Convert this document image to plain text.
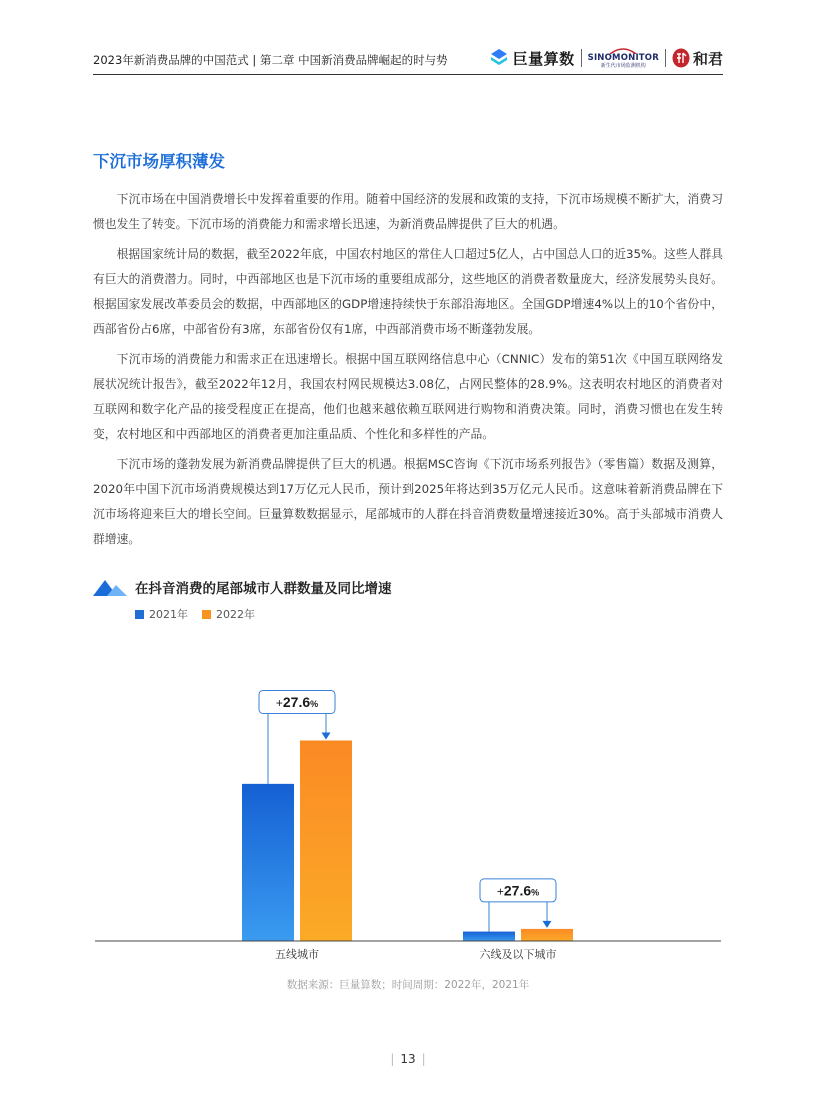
2023年新消费品牌的中国范式 | 第二章 中国新消费品牌崛起的时与势	巨量算数 SINOMONITOR
新生代市场监测机构	和君
下沉市场厚积薄发

下沉市场在中国消费增长中发挥着重要的作用。随着中国经济的发展和政策的支持，下沉市场规模不断扩大，消费习惯也发生了转变。下沉市场的消费能力和需求增长迅速，为新消费品牌提供了巨大的机遇。

根据国家统计局的数据，截至2022年底，中国农村地区的常住人口超过5亿人，占中国总人口的近35%。这些人群具有巨大的消费潜力。同时，中西部地区也是下沉市场的重要组成部分，这些地区的消费者数量庞大，经济发展势头良好。根据国家发展改革委员会的数据，中西部地区的GDP增速持续快于东部沿海地区。全国GDP增速4%以上的10个省份中，西部省份占6席，中部省份有3席，东部省份仅有1席，中西部消费市场不断蓬勃发展。

下沉市场的消费能力和需求正在迅速增长。根据中国互联网络信息中心（CNNIC）发布的第51次《中国互联网络发展状况统计报告》，截至2022年12月，我国农村网民规模达3.08亿，占网民整体的28.9%。这表明农村地区的消费者对互联网和数字化产品的接受程度正在提高，他们也越来越依赖互联网进行购物和消费决策。同时，消费习惯也在发生转变，农村地区和中西部地区的消费者更加注重品质、个性化和多样性的产品。

下沉市场的蓬勃发展为新消费品牌提供了巨大的机遇。根据MSC咨询《下沉市场系列报告》（零售篇）数据及测算，2020年中国下沉市场消费规模达到17万亿元人民币，预计到2025年将达到35万亿元人民币。这意味着新消费品牌在下沉市场将迎来巨大的增长空间。巨量算数数据显示，尾部城市的人群在抖音消费数量增速接近30%。高于头部城市消费人群增速。

在抖音消费的尾部城市人群数量及同比增速
2021年	2022年
+27.6%
五线城市
+27.6%
六线及以下城市
数据来源：巨量算数；时间周期：2022年，2021年
| 13 |
